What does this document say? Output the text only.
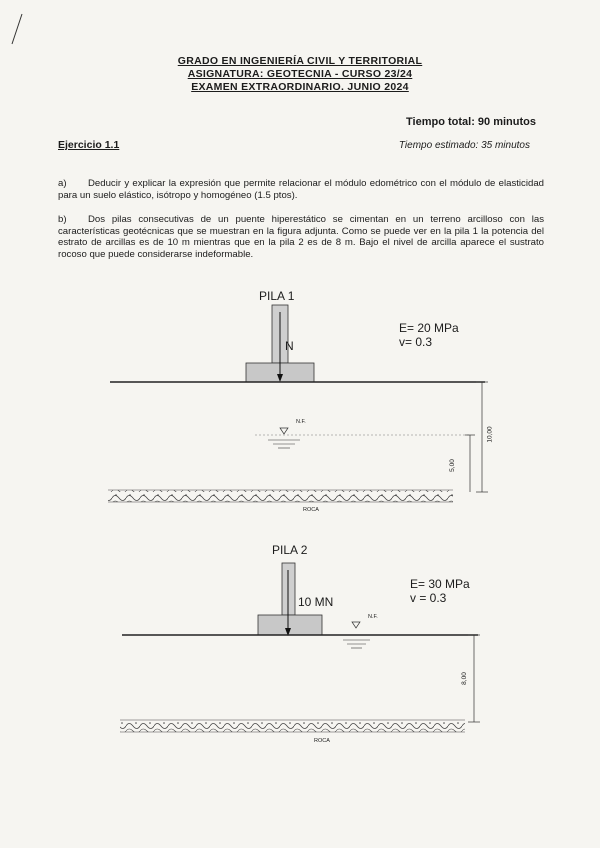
GRADO EN INGENIERÍA CIVIL Y TERRITORIAL
ASIGNATURA: GEOTECNIA - CURSO 23/24
EXAMEN EXTRAORDINARIO. JUNIO 2024
Tiempo total: 90 minutos
Ejercicio 1.1	Tiempo estimado: 35 minutos
a) Deducir y explicar la expresión que permite relacionar el módulo edométrico con el módulo de elasticidad para un suelo elástico, isótropo y homogéneo (1.5 ptos).
b) Dos pilas consecutivas de un puente hiperestático se cimentan en un terreno arcilloso con las características geotécnicas que se muestran en la figura adjunta. Como se puede ver en la pila 1 la potencia del estrato de arcillas es de 10 m mientras que en la pila 2 es de 8 m. Bajo el nivel de arcilla aparece el sustrato rocoso que puede considerarse indeformable.
PILA 1
N
E= 20 MPa
v= 0.3
N.F.
10,00
5,00
ROCA
PILA 2
10 MN
E= 30 MPa
v = 0.3
N.F.
8,00
ROCA
